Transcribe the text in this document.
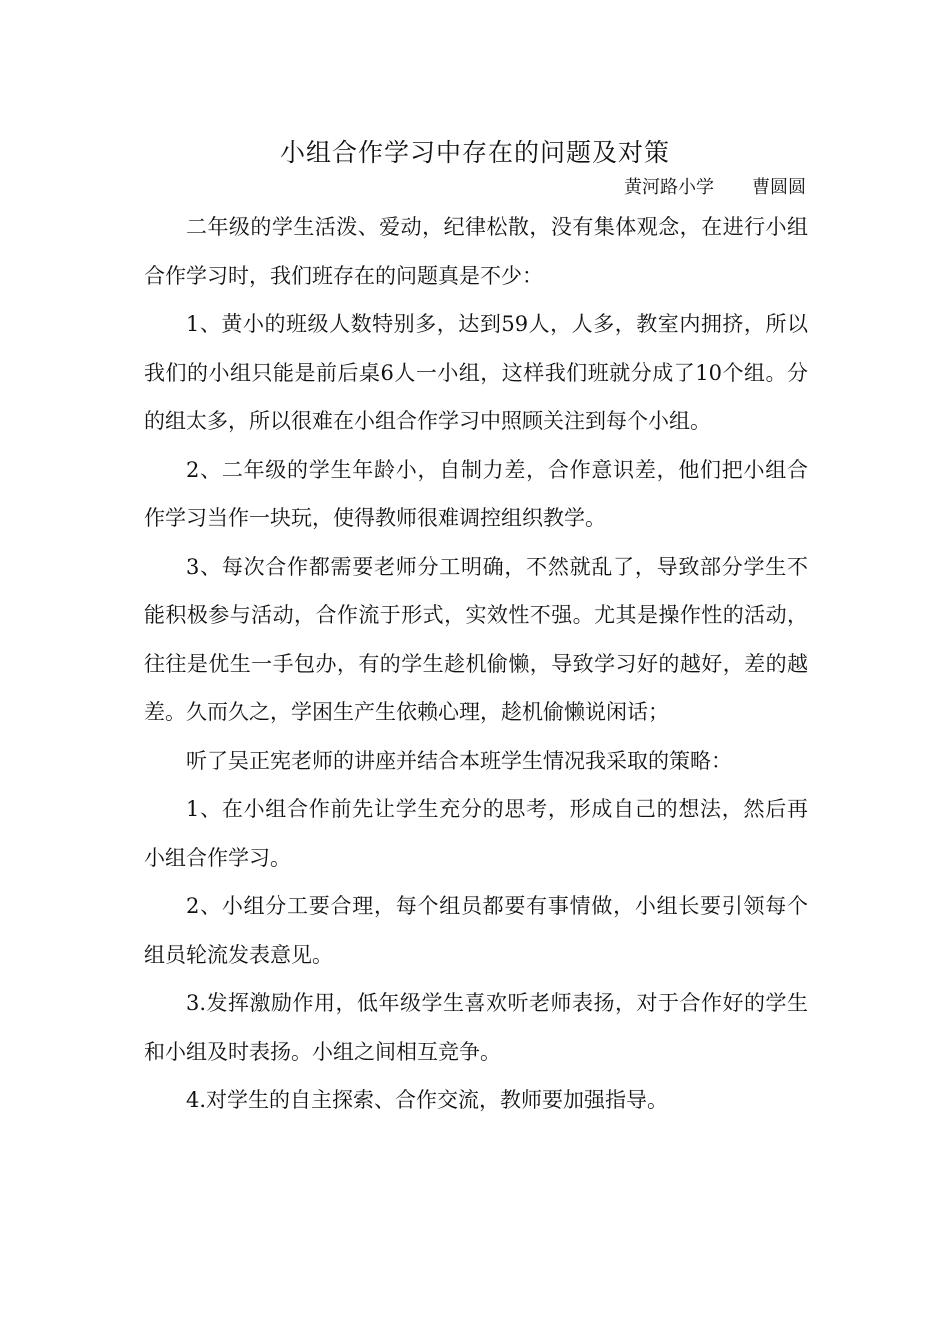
小组合作学习中存在的问题及对策
黄河路小学 曹圆圆

二年级的学生活泼、爱动，纪律松散，没有集体观念，在进行小组合作学习时，我们班存在的问题真是不少：

1、黄小的班级人数特别多，达到59人，人多，教室内拥挤，所以我们的小组只能是前后桌6人一小组，这样我们班就分成了10个组。分的组太多，所以很难在小组合作学习中照顾关注到每个小组。

2、二年级的学生年龄小，自制力差，合作意识差，他们把小组合作学习当作一块玩，使得教师很难调控组织教学。

3、每次合作都需要老师分工明确，不然就乱了，导致部分学生不能积极参与活动，合作流于形式，实效性不强。尤其是操作性的活动，往往是优生一手包办，有的学生趁机偷懒，导致学习好的越好，差的越差。久而久之，学困生产生依赖心理，趁机偷懒说闲话；

听了吴正宪老师的讲座并结合本班学生情况我采取的策略：

1、在小组合作前先让学生充分的思考，形成自己的想法，然后再小组合作学习。

2、小组分工要合理，每个组员都要有事情做，小组长要引领每个组员轮流发表意见。

3.发挥激励作用，低年级学生喜欢听老师表扬，对于合作好的学生和小组及时表扬。小组之间相互竞争。

4.对学生的自主探索、合作交流，教师要加强指导。
